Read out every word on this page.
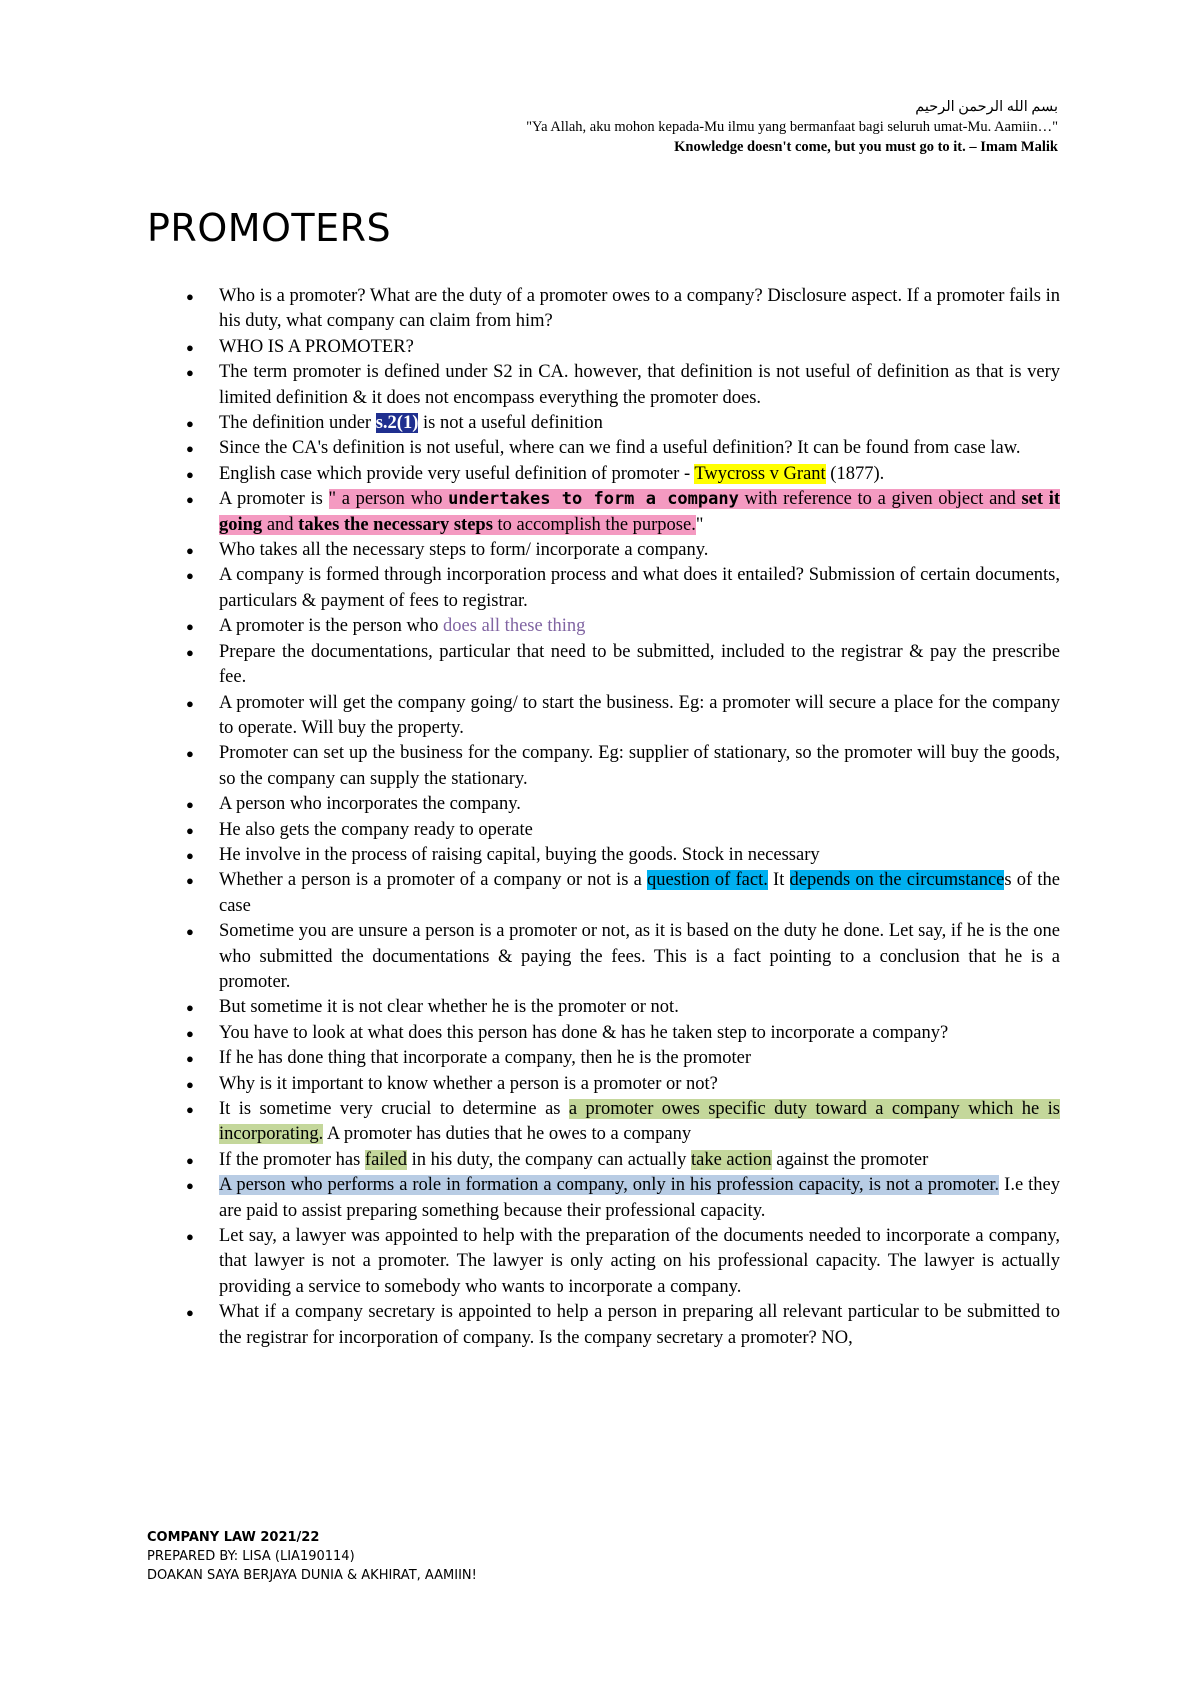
بسم الله الرحمن الرحيم
"Ya Allah, aku mohon kepada-Mu ilmu yang bermanfaat bagi seluruh umat-Mu. Aamiin…"
Knowledge doesn't come, but you must go to it. – Imam Malik
PROMOTERS
● Who is a promoter? What are the duty of a promoter owes to a company? Disclosure aspect. If a promoter fails in his duty, what company can claim from him?
● WHO IS A PROMOTER?
● The term promoter is defined under S2 in CA. however, that definition is not useful of definition as that is very limited definition & it does not encompass everything the promoter does.
● The definition under s.2(1) is not a useful definition
● Since the CA's definition is not useful, where can we find a useful definition? It can be found from case law.
● English case which provide very useful definition of promoter - Twycross v Grant (1877).
● A promoter is " a person who undertakes to form a company with reference to a given object and set it going and takes the necessary steps to accomplish the purpose."
● Who takes all the necessary steps to form/ incorporate a company.
● A company is formed through incorporation process and what does it entailed? Submission of certain documents, particulars & payment of fees to registrar.
● A promoter is the person who does all these thing
● Prepare the documentations, particular that need to be submitted, included to the registrar & pay the prescribe fee.
● A promoter will get the company going/ to start the business. Eg: a promoter will secure a place for the company to operate. Will buy the property.
● Promoter can set up the business for the company. Eg: supplier of stationary, so the promoter will buy the goods, so the company can supply the stationary.
● A person who incorporates the company.
● He also gets the company ready to operate
● He involve in the process of raising capital, buying the goods. Stock in necessary
● Whether a person is a promoter of a company or not is a question of fact. It depends on the circumstances of the case
● Sometime you are unsure a person is a promoter or not, as it is based on the duty he done. Let say, if he is the one who submitted the documentations & paying the fees. This is a fact pointing to a conclusion that he is a promoter.
● But sometime it is not clear whether he is the promoter or not.
● You have to look at what does this person has done & has he taken step to incorporate a company?
● If he has done thing that incorporate a company, then he is the promoter
● Why is it important to know whether a person is a promoter or not?
● It is sometime very crucial to determine as a promoter owes specific duty toward a company which he is incorporating. A promoter has duties that he owes to a company
● If the promoter has failed in his duty, the company can actually take action against the promoter
● A person who performs a role in formation a company, only in his profession capacity, is not a promoter. I.e they are paid to assist preparing something because their professional capacity.
● Let say, a lawyer was appointed to help with the preparation of the documents needed to incorporate a company, that lawyer is not a promoter. The lawyer is only acting on his professional capacity. The lawyer is actually providing a service to somebody who wants to incorporate a company.
● What if a company secretary is appointed to help a person in preparing all relevant particular to be submitted to the registrar for incorporation of company. Is the company secretary a promoter? NO,
COMPANY LAW 2021/22
PREPARED BY: LISA (LIA190114)
DOAKAN SAYA BERJAYA DUNIA & AKHIRAT, AAMIIN!
